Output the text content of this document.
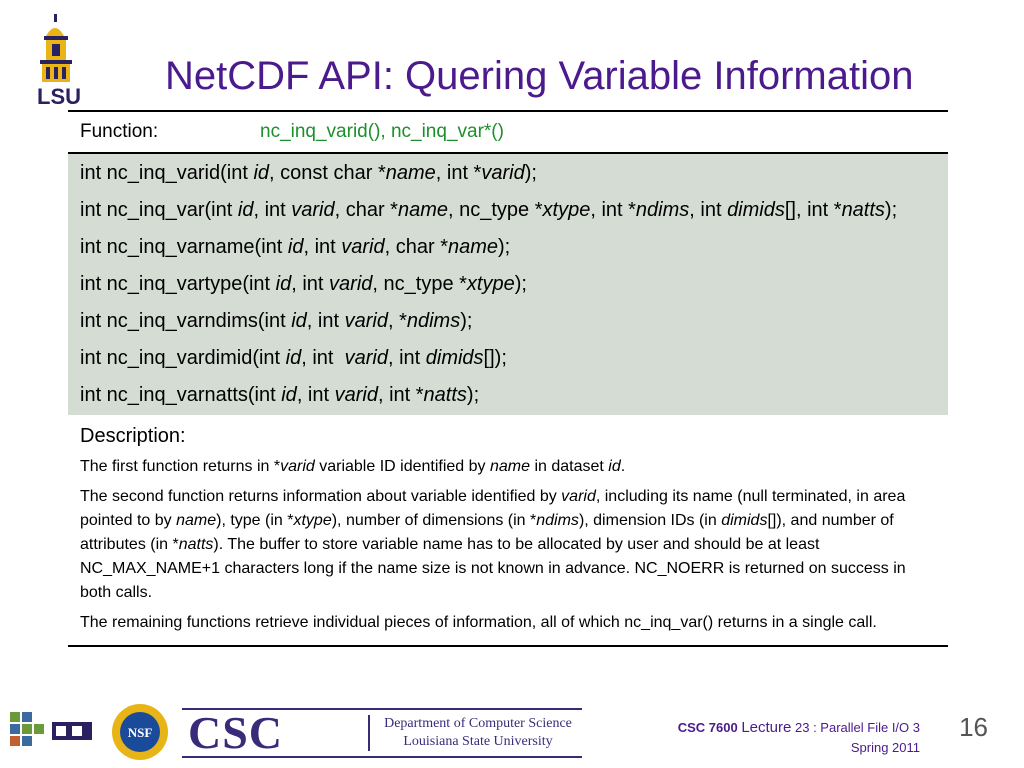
LSU NetCDF API: Quering Variable Information
Function:	nc_inq_varid(), nc_inq_var*()
int nc_inq_varid(int id, const char *name, int *varid);
int nc_inq_var(int id, int varid, char *name, nc_type *xtype, int *ndims, int dimids[], int *natts);
int nc_inq_varname(int id, int varid, char *name);
int nc_inq_vartype(int id, int varid, nc_type *xtype);
int nc_inq_varndims(int id, int varid, *ndims);
int nc_inq_vardimid(int id, int  varid, int dimids[]);
int nc_inq_varnatts(int id, int varid, int *natts);
Description:
The first function returns in *varid variable ID identified by name in dataset id.
The second function returns information about variable identified by varid, including its name (null terminated, in area pointed to by name), type (in *xtype), number of dimensions (in *ndims), dimension IDs (in dimids[]), and number of attributes (in *natts). The buffer to store variable name has to be allocated by user and should be at least NC_MAX_NAME+1 characters long if the name size is not known in advance. NC_NOERR is returned on success in both calls.
The remaining functions retrieve individual pieces of information, all of which nc_inq_var() returns in a single call.
NSF CSC	Department of Computer Science
Louisiana State University
CSC 7600 Lecture 23 : Parallel File I/O 3
Spring 2011
16
